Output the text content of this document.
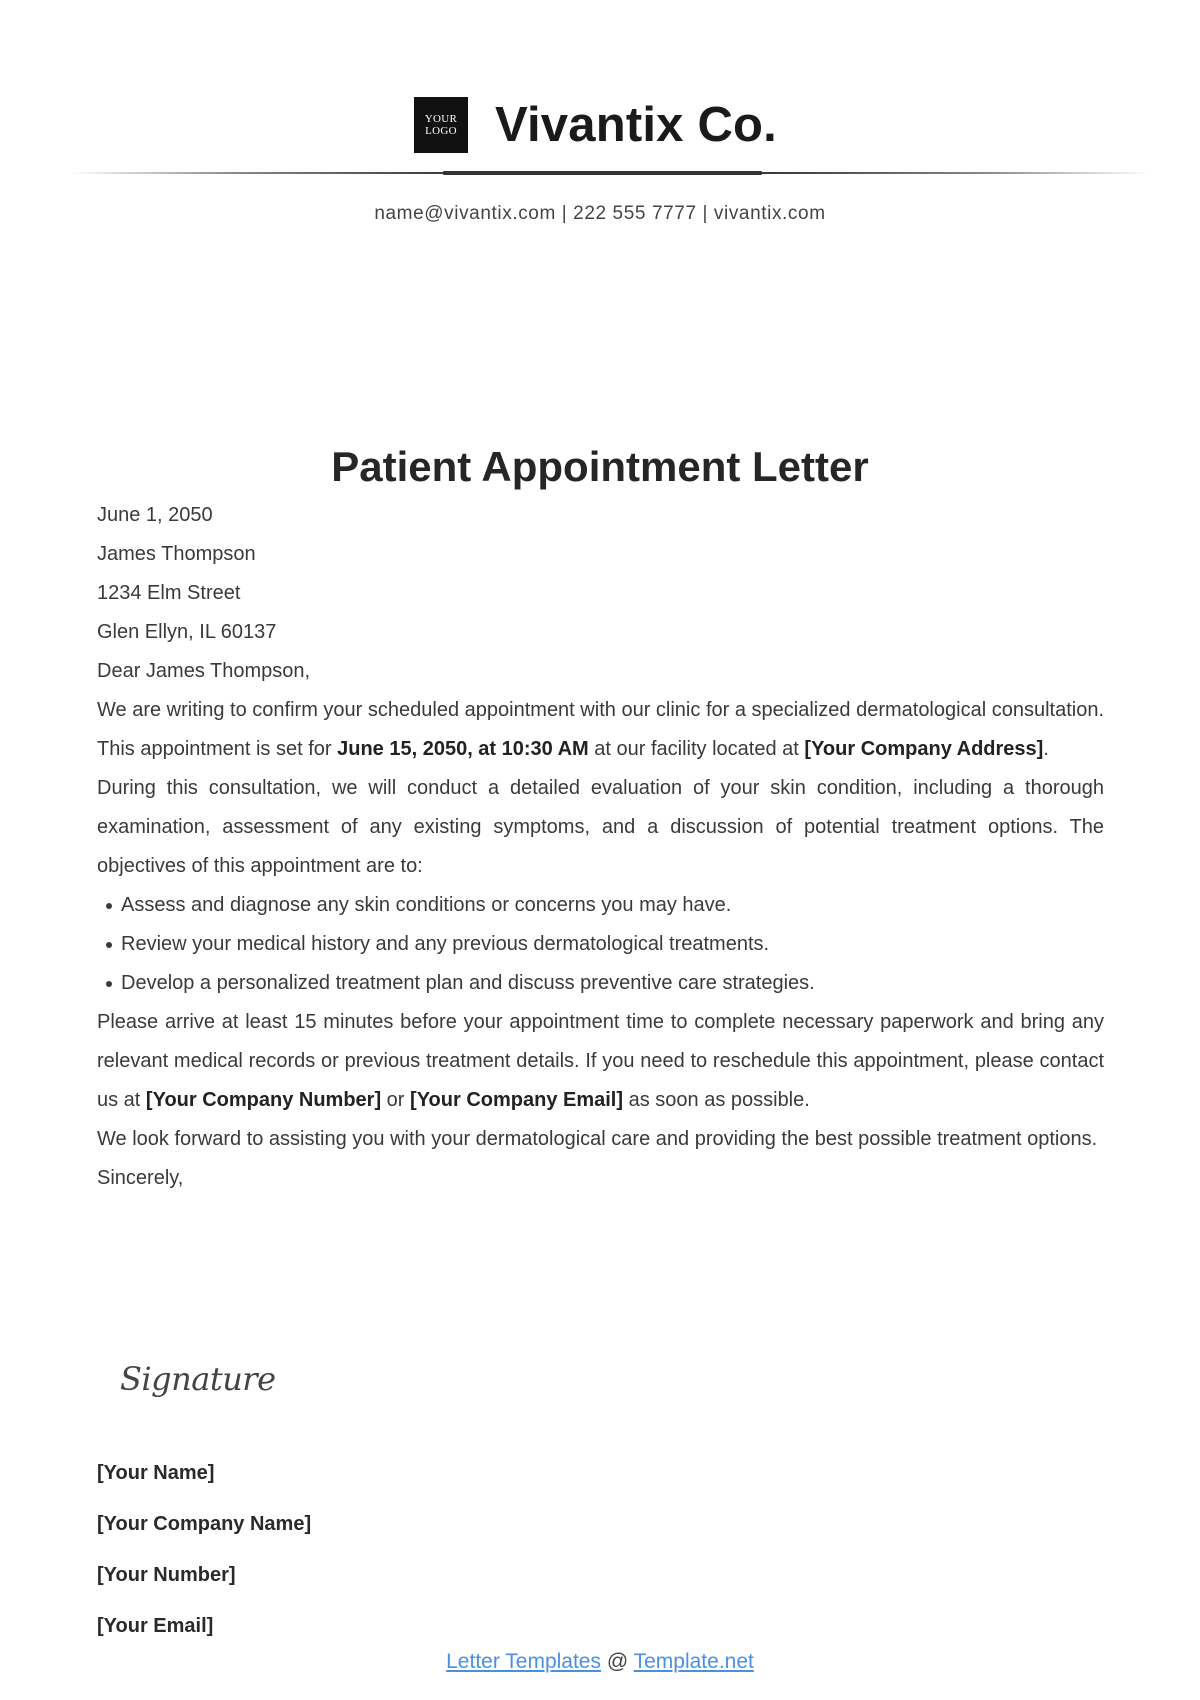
YOUR
LOGO Vivantix Co.
name@vivantix.com | 222 555 7777 | vivantix.com
Patient Appointment Letter

June 1, 2050

James Thompson

1234 Elm Street

Glen Ellyn, IL 60137

Dear James Thompson,

We are writing to confirm your scheduled appointment with our clinic for a specialized dermatological consultation. This appointment is set for June 15, 2050, at 10:30 AM at our facility located at [Your Company Address].

During this consultation, we will conduct a detailed evaluation of your skin condition, including a thorough examination, assessment of any existing symptoms, and a discussion of potential treatment options. The objectives of this appointment are to:

Assess and diagnose any skin conditions or concerns you may have.
Review your medical history and any previous dermatological treatments.
Develop a personalized treatment plan and discuss preventive care strategies.

Please arrive at least 15 minutes before your appointment time to complete necessary paperwork and bring any relevant medical records or previous treatment details. If you need to reschedule this appointment, please contact us at [Your Company Number] or [Your Company Email] as soon as possible.

We look forward to assisting you with your dermatological care and providing the best possible treatment options.

Sincerely,

Signature
[Your Name]
[Your Company Name]
[Your Number]
[Your Email]
Letter Templates @ Template.net
